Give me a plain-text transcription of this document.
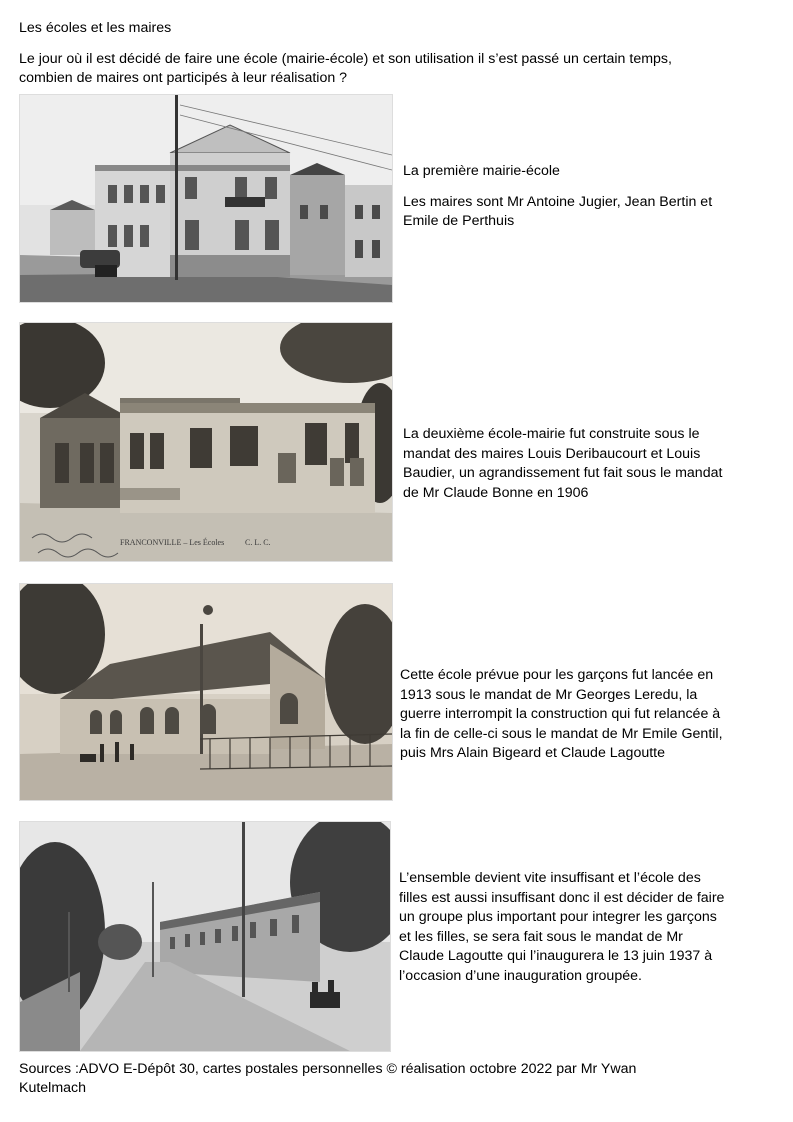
Les écoles et les maires
Le jour où il est décidé de faire une école (mairie-école) et son utilisation il s’est passé un certain temps,
combien de maires ont participés à leur réalisation ?

La première mairie-école

Les maires sont Mr Antoine Jugier, Jean Bertin et

Emile de Perthuis

FRANCONVILLE – Les Écoles	C. L. C.

La deuxième école-mairie fut construite sous le

mandat des maires Louis Deribaucourt et Louis

Baudier, un agrandissement fut fait sous le mandat

de Mr Claude Bonne en 1906

Cette école prévue pour les garçons fut lancée en

1913 sous le mandat de Mr Georges Leredu, la

guerre interrompit la construction qui fut relancée à

la fin de celle-ci sous le mandat de Mr Emile Gentil,

puis Mrs Alain Bigeard et Claude Lagoutte

L’ensemble devient vite insuffisant et l’école des

filles est aussi insuffisant donc il est décider de faire

un groupe plus important pour integrer les garçons

et les filles, se sera fait sous le mandat de Mr

Claude Lagoutte qui l’inaugurera le 13 juin 1937 à

l’occasion d’une inauguration groupée.

Sources :ADVO E-Dépôt 30, cartes postales personnelles © réalisation octobre 2022 par Mr Ywan
Kutelmach
